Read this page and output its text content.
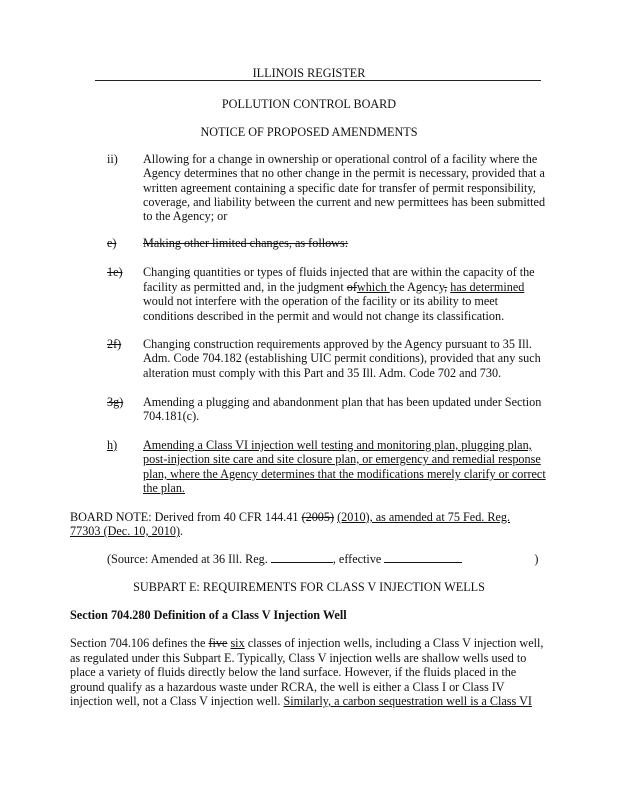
ILLINOIS REGISTER
POLLUTION CONTROL BOARD
NOTICE OF PROPOSED AMENDMENTS
ii) Allowing for a change in ownership or operational control of a facility where the
Agency determines that no other change in the permit is necessary, provided that a
written agreement containing a specific date for transfer of permit responsibility,
coverage, and liability between the current and new permittees has been submitted
to the Agency; or
e)	Making other limited changes, as follows:
1e) Changing quantities or types of fluids injected that are within the capacity of the
facility as permitted and, in the judgment ofwhich the Agency, has determined
would not interfere with the operation of the facility or its ability to meet
conditions described in the permit and would not change its classification.
2f) Changing construction requirements approved by the Agency pursuant to 35 Ill.
Adm. Code 704.182 (establishing UIC permit conditions), provided that any such
alteration must comply with this Part and 35 Ill. Adm. Code 702 and 730.
3g) Amending a plugging and abandonment plan that has been updated under Section
704.181(c).
h) Amending a Class VI injection well testing and monitoring plan, plugging plan,
post-injection site care and site closure plan, or emergency and remedial response
plan, where the Agency determines that the modifications merely clarify or correct
the plan.
BOARD NOTE: Derived from 40 CFR 144.41 (2005) (2010), as amended at 75 Fed. Reg.
77303 (Dec. 10, 2010).
(Source: Amended at 36 Ill. Reg.	, effective	)
SUBPART E: REQUIREMENTS FOR CLASS V INJECTION WELLS
Section 704.280 Definition of a Class V Injection Well
Section 704.106 defines the five six classes of injection wells, including a Class V injection well,
as regulated under this Subpart E. Typically, Class V injection wells are shallow wells used to
place a variety of fluids directly below the land surface. However, if the fluids placed in the
ground qualify as a hazardous waste under RCRA, the well is either a Class I or Class IV
injection well, not a Class V injection well. Similarly, a carbon sequestration well is a Class VI
